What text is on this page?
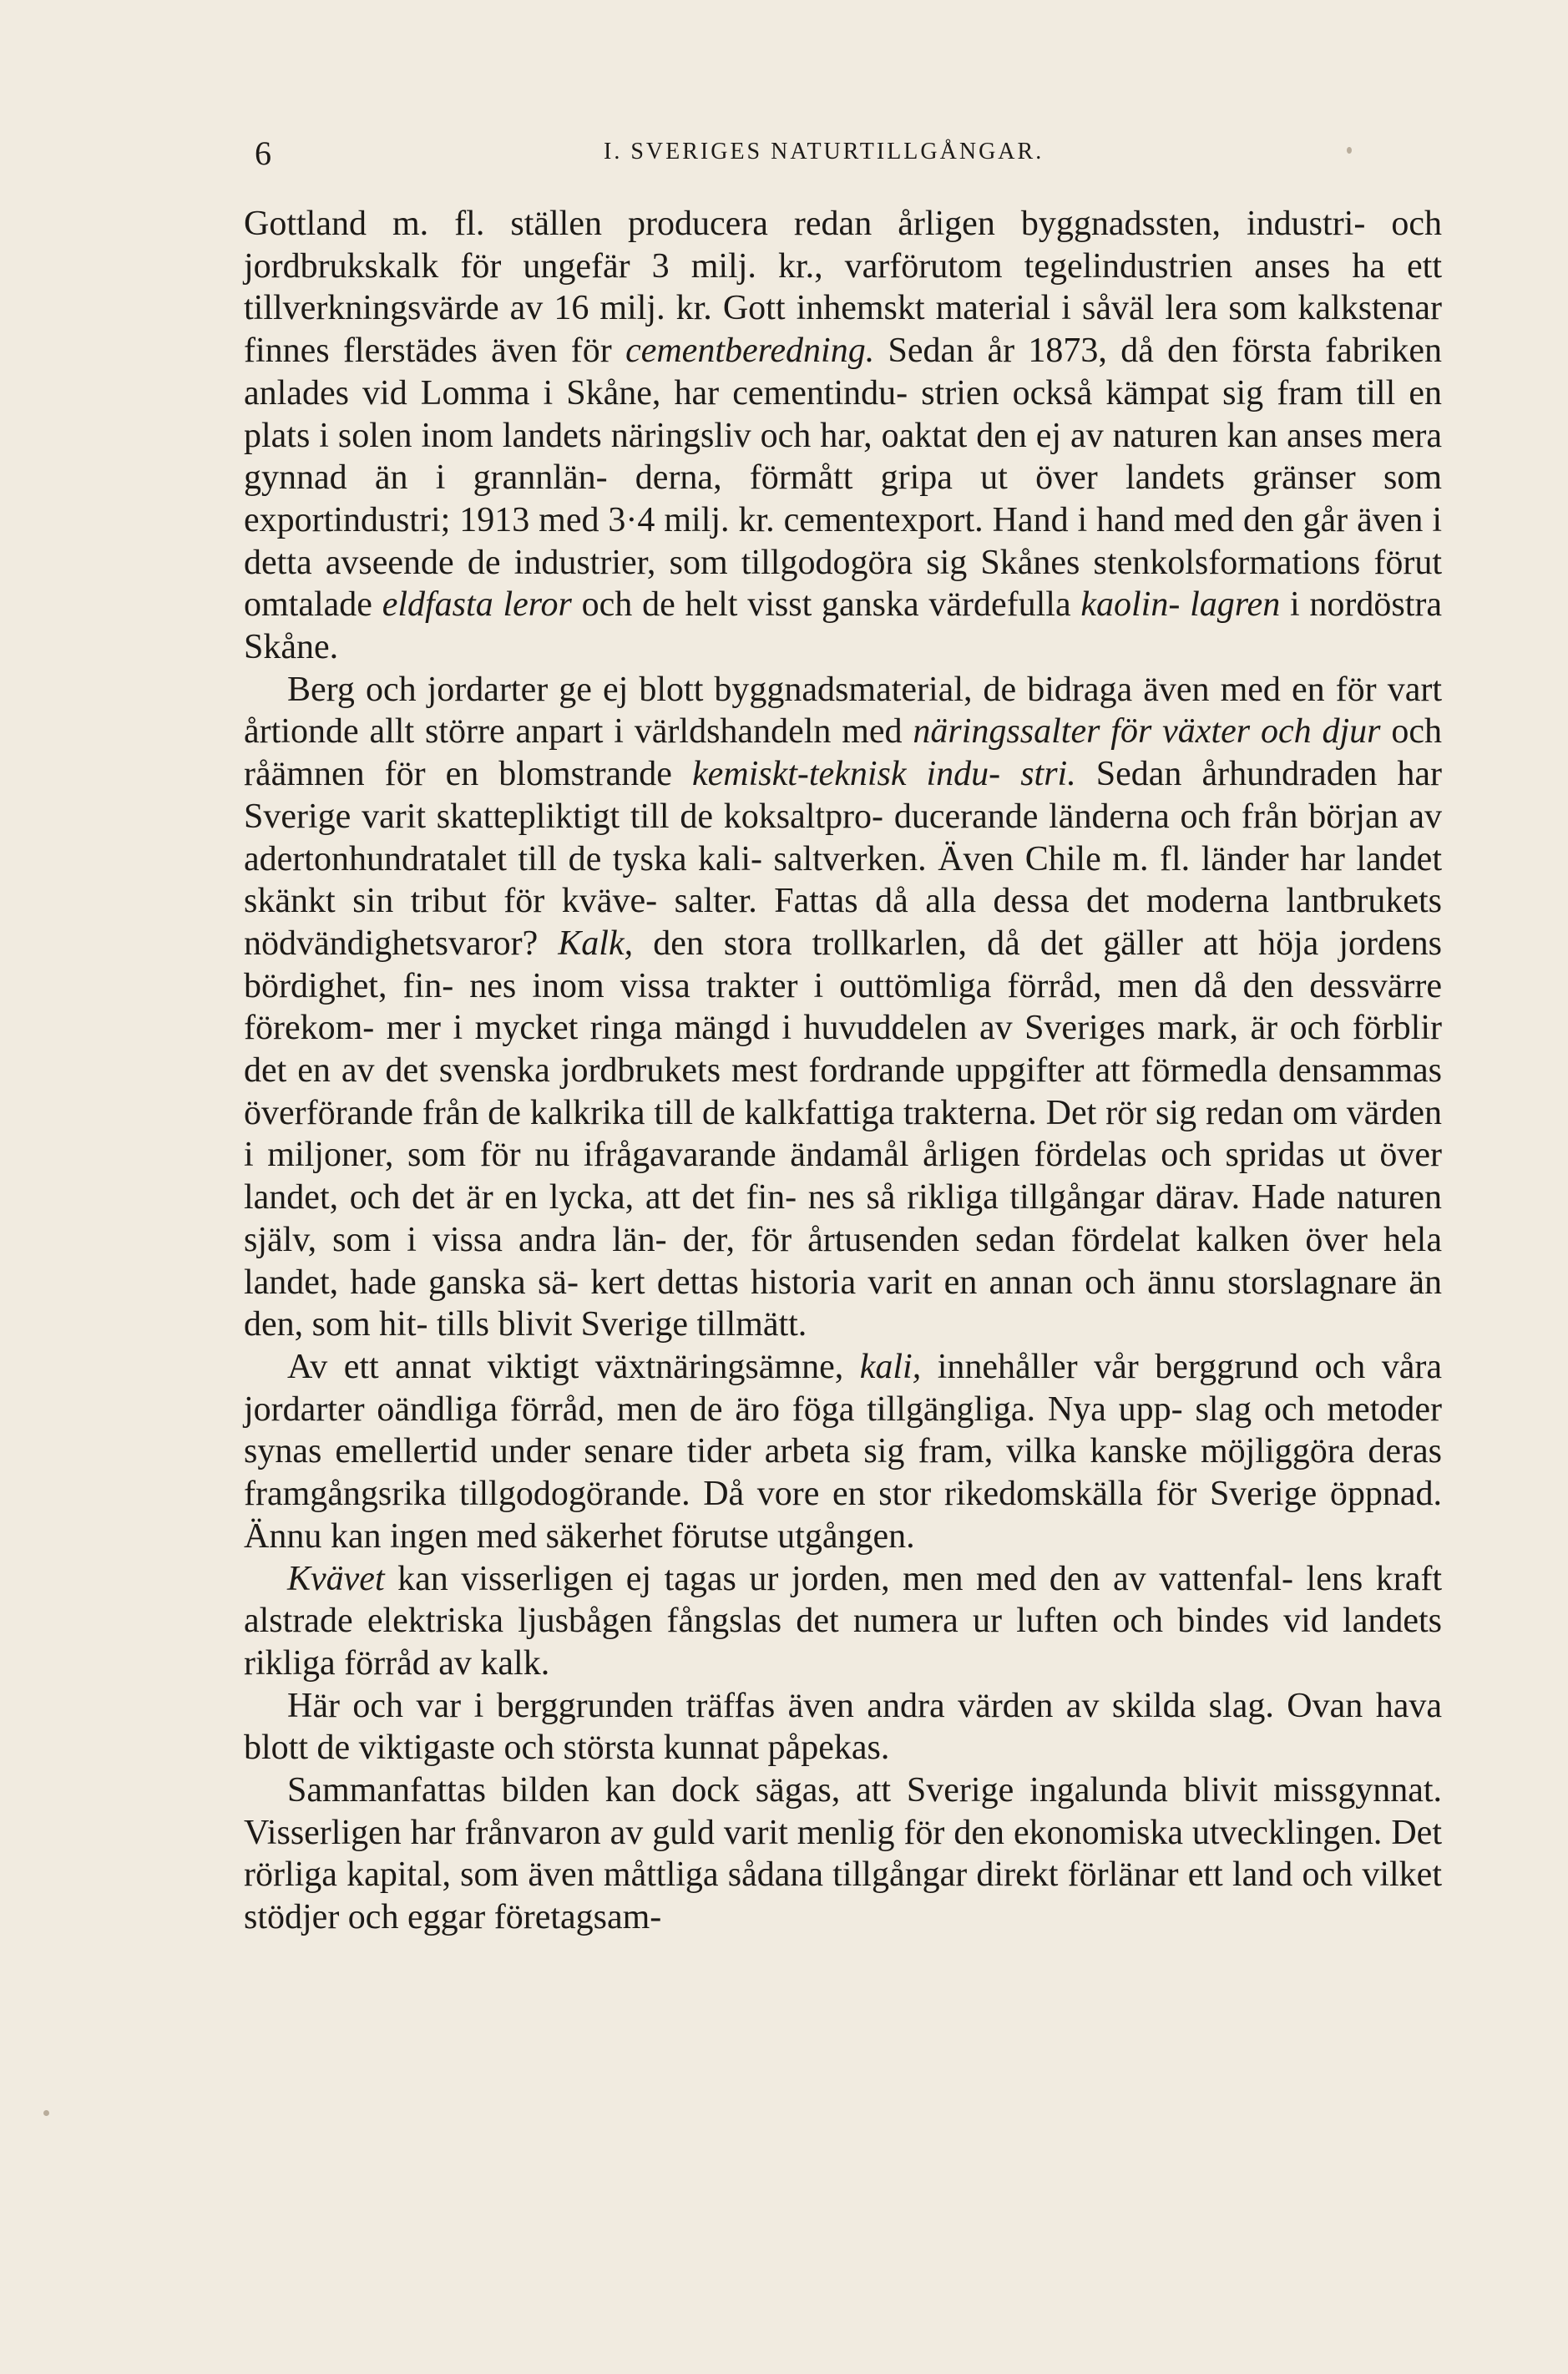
6	I. SVERIGES NATURTILLGÅNGAR.

Gottland m. fl. ställen producera redan årligen byggnadssten, industri- och jordbrukskalk för ungefär 3 milj. kr., varförutom tegelindustrien anses ha ett tillverkningsvärde av 16 milj. kr. Gott inhemskt material i såväl lera som kalkstenar finnes flerstädes även för cementberedning. Sedan år 1873, då den första fabriken anlades vid Lomma i Skåne, har cementindu- strien också kämpat sig fram till en plats i solen inom landets näringsliv och har, oaktat den ej av naturen kan anses mera gynnad än i grannlän- derna, förmått gripa ut över landets gränser som exportindustri; 1913 med 3·4 milj. kr. cementexport. Hand i hand med den går även i detta avseende de industrier, som tillgodogöra sig Skånes stenkolsformations förut omtalade eldfasta leror och de helt visst ganska värdefulla kaolin- lagren i nordöstra Skåne.

Berg och jordarter ge ej blott byggnadsmaterial, de bidraga även med en för vart årtionde allt större anpart i världshandeln med näringssalter för växter och djur och råämnen för en blomstrande kemiskt-teknisk indu- stri. Sedan århundraden har Sverige varit skattepliktigt till de koksaltpro- ducerande länderna och från början av adertonhundratalet till de tyska kali- saltverken. Även Chile m. fl. länder har landet skänkt sin tribut för kväve- salter. Fattas då alla dessa det moderna lantbrukets nödvändighetsvaror? Kalk, den stora trollkarlen, då det gäller att höja jordens bördighet, fin- nes inom vissa trakter i outtömliga förråd, men då den dessvärre förekom- mer i mycket ringa mängd i huvuddelen av Sveriges mark, är och förblir det en av det svenska jordbrukets mest fordrande uppgifter att förmedla densammas överförande från de kalkrika till de kalkfattiga trakterna. Det rör sig redan om värden i miljoner, som för nu ifrågavarande ändamål årligen fördelas och spridas ut över landet, och det är en lycka, att det fin- nes så rikliga tillgångar därav. Hade naturen själv, som i vissa andra län- der, för årtusenden sedan fördelat kalken över hela landet, hade ganska sä- kert dettas historia varit en annan och ännu storslagnare än den, som hit- tills blivit Sverige tillmätt.

Av ett annat viktigt växtnäringsämne, kali, innehåller vår berggrund och våra jordarter oändliga förråd, men de äro föga tillgängliga. Nya upp- slag och metoder synas emellertid under senare tider arbeta sig fram, vilka kanske möjliggöra deras framgångsrika tillgodogörande. Då vore en stor rikedomskälla för Sverige öppnad. Ännu kan ingen med säkerhet förutse utgången.

Kvävet kan visserligen ej tagas ur jorden, men med den av vattenfal- lens kraft alstrade elektriska ljusbågen fångslas det numera ur luften och bindes vid landets rikliga förråd av kalk.

Här och var i berggrunden träffas även andra värden av skilda slag. Ovan hava blott de viktigaste och största kunnat påpekas.

Sammanfattas bilden kan dock sägas, att Sverige ingalunda blivit missgynnat. Visserligen har frånvaron av guld varit menlig för den ekonomiska utvecklingen. Det rörliga kapital, som även måttliga sådana tillgångar direkt förlänar ett land och vilket stödjer och eggar företagsam-
